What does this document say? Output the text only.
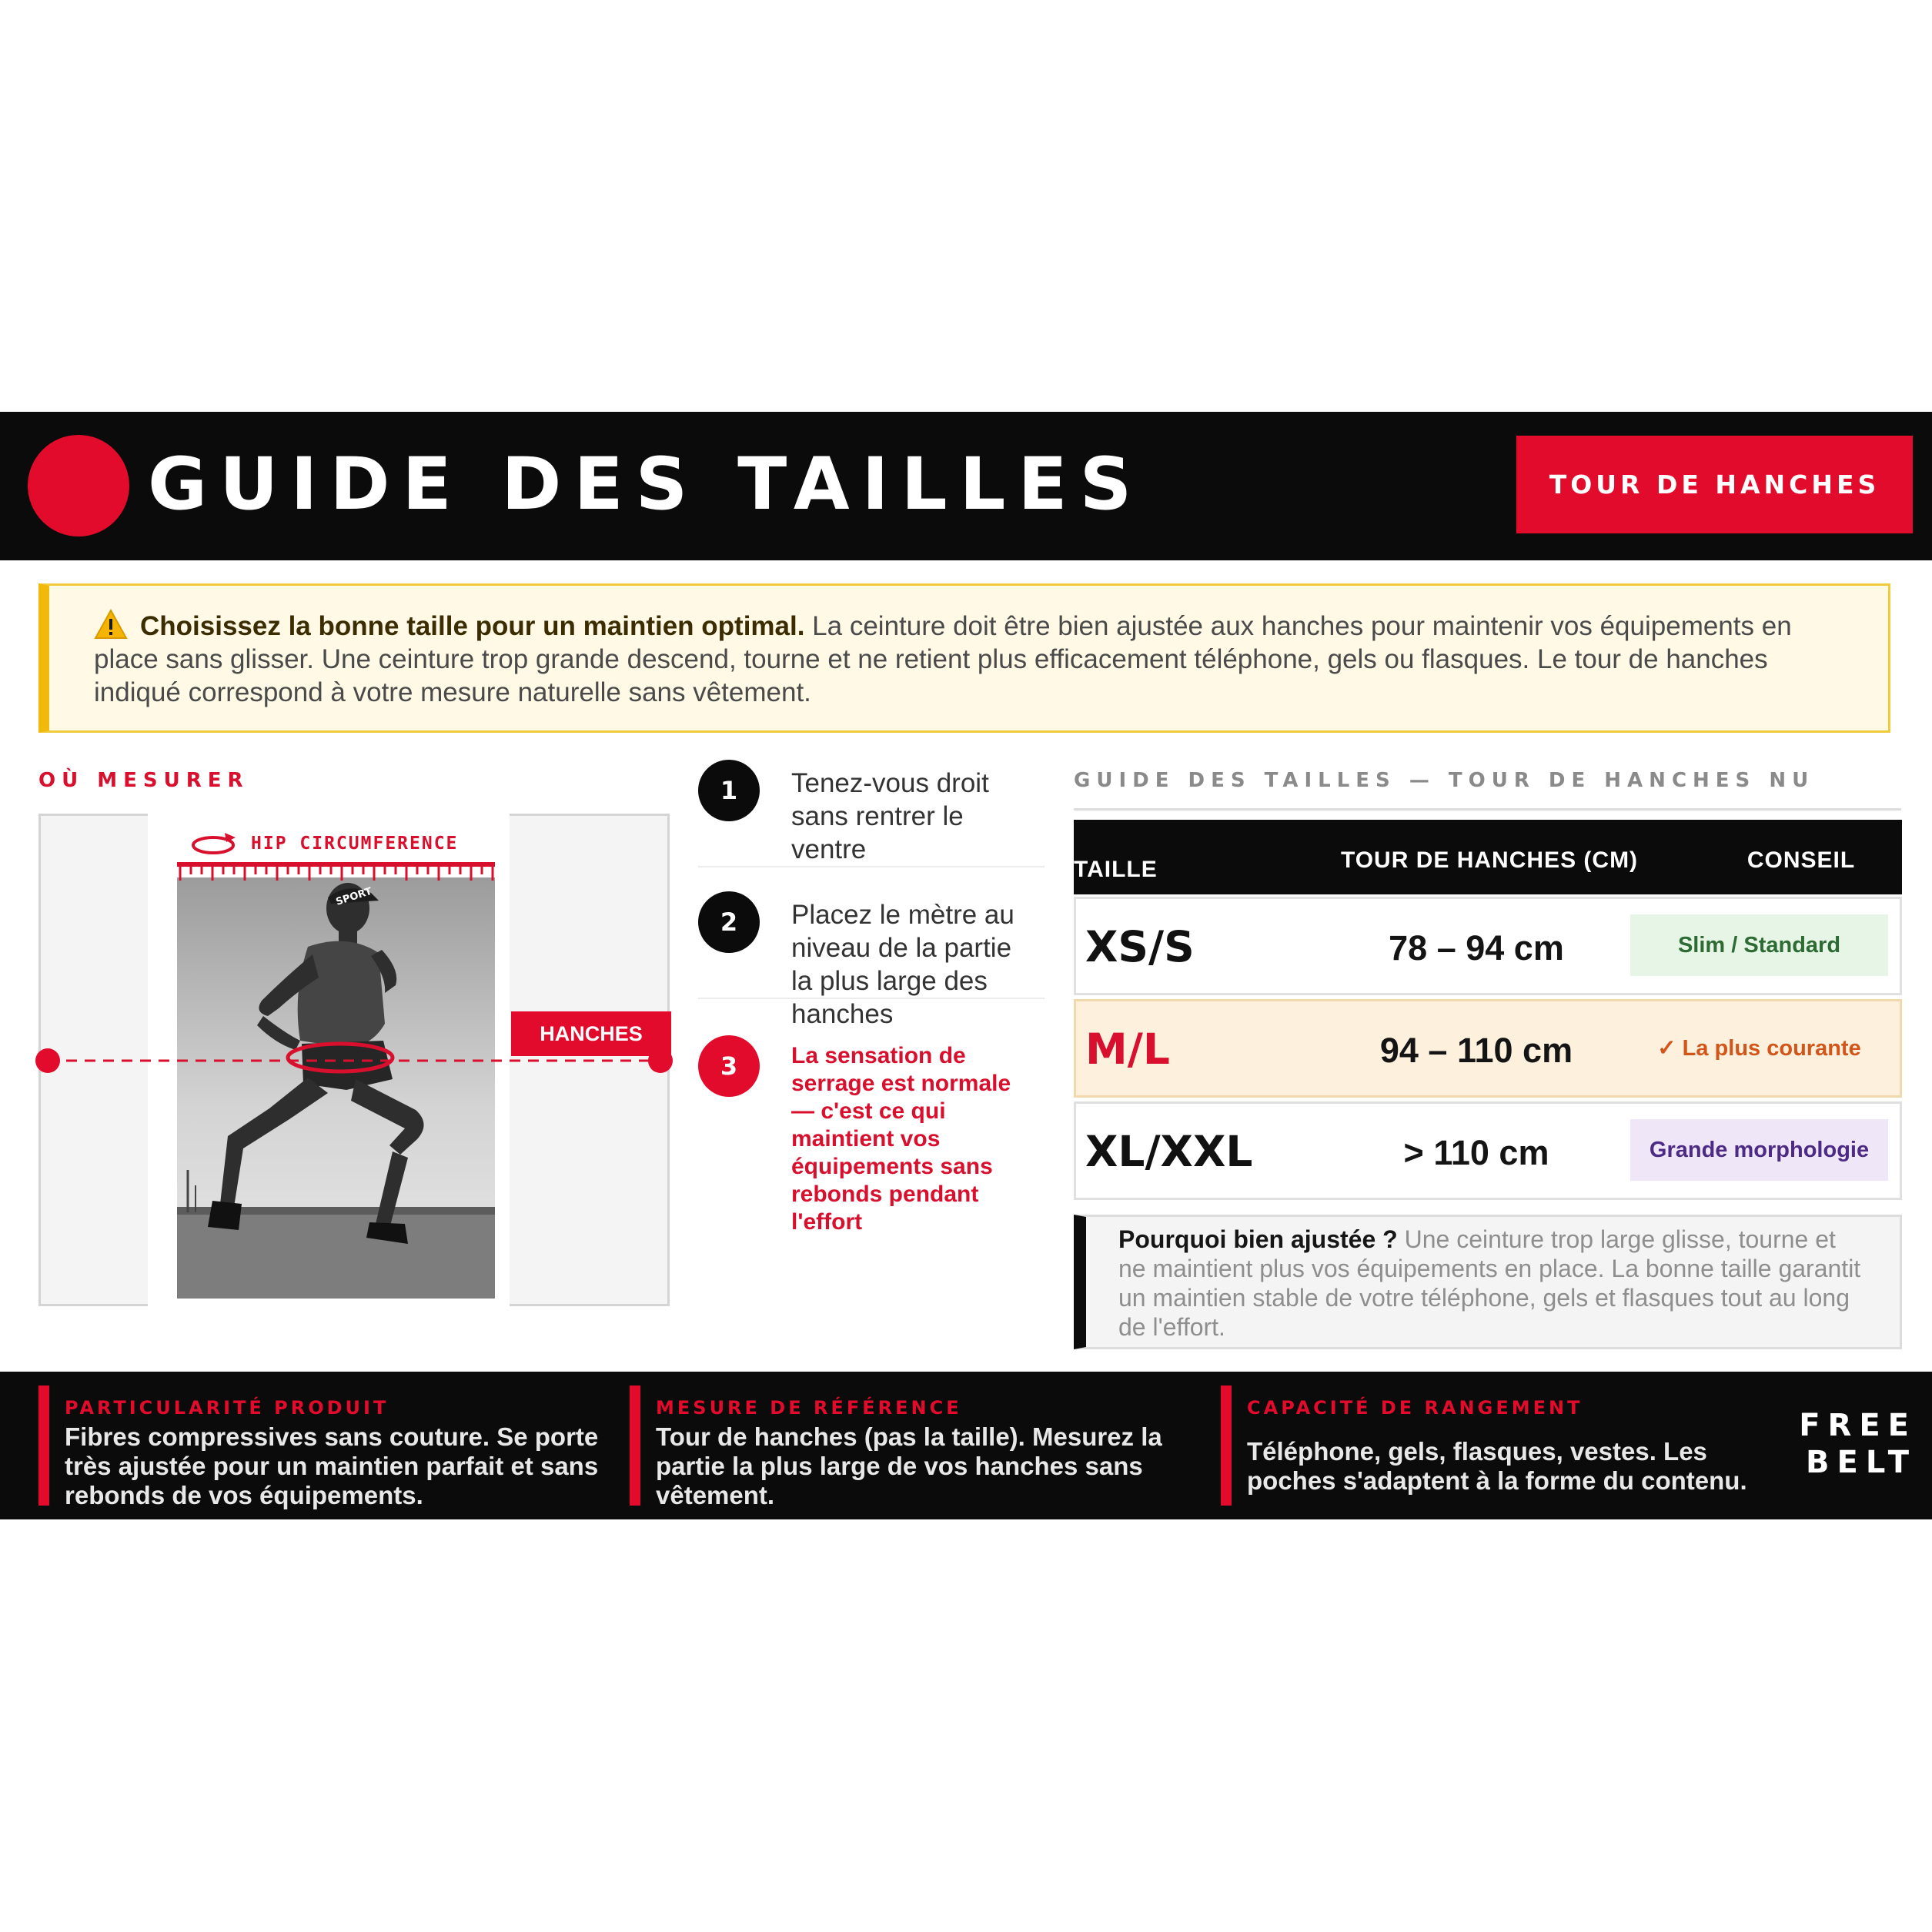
GUIDE DES TAILLES	TOUR DE HANCHES
Choisissez la bonne taille pour un maintien optimal. La ceinture doit être bien ajustée aux hanches pour maintenir vos équipements en place sans glisser. Une ceinture trop grande descend, tourne et ne retient plus efficacement téléphone, gels ou flasques. Le tour de hanches indiqué correspond à votre mesure naturelle sans vêtement.
OÙ MESURER
HIP CIRCUMFERENCE
SPORT
HANCHES
1	Tenez-vous droit sans rentrer le ventre
2	Placez le mètre au niveau de la partie la plus large des hanches
3	La sensation de serrage est normale — c'est ce qui maintient vos équipements sans rebonds pendant l'effort
GUIDE DES TAILLES — TOUR DE HANCHES NU
TAILLE	TOUR DE HANCHES (CM)	CONSEIL
XS/S	78 – 94 cm	Slim / Standard
M/L	94 – 110 cm	✓ La plus courante
XL/XXL	> 110 cm	Grande morphologie
Pourquoi bien ajustée ? Une ceinture trop large glisse, tourne et ne maintient plus vos équipements en place. La bonne taille garantit un maintien stable de votre téléphone, gels et flasques tout au long de l'effort.
PARTICULARITÉ PRODUIT
Fibres compressives sans couture. Se porte très ajustée pour un maintien parfait et sans rebonds de vos équipements.
MESURE DE RÉFÉRENCE
Tour de hanches (pas la taille). Mesurez la partie la plus large de vos hanches sans vêtement.
CAPACITÉ DE RANGEMENT
Téléphone, gels, flasques, vestes. Les poches s'adaptent à la forme du contenu.
FREE
BELT
